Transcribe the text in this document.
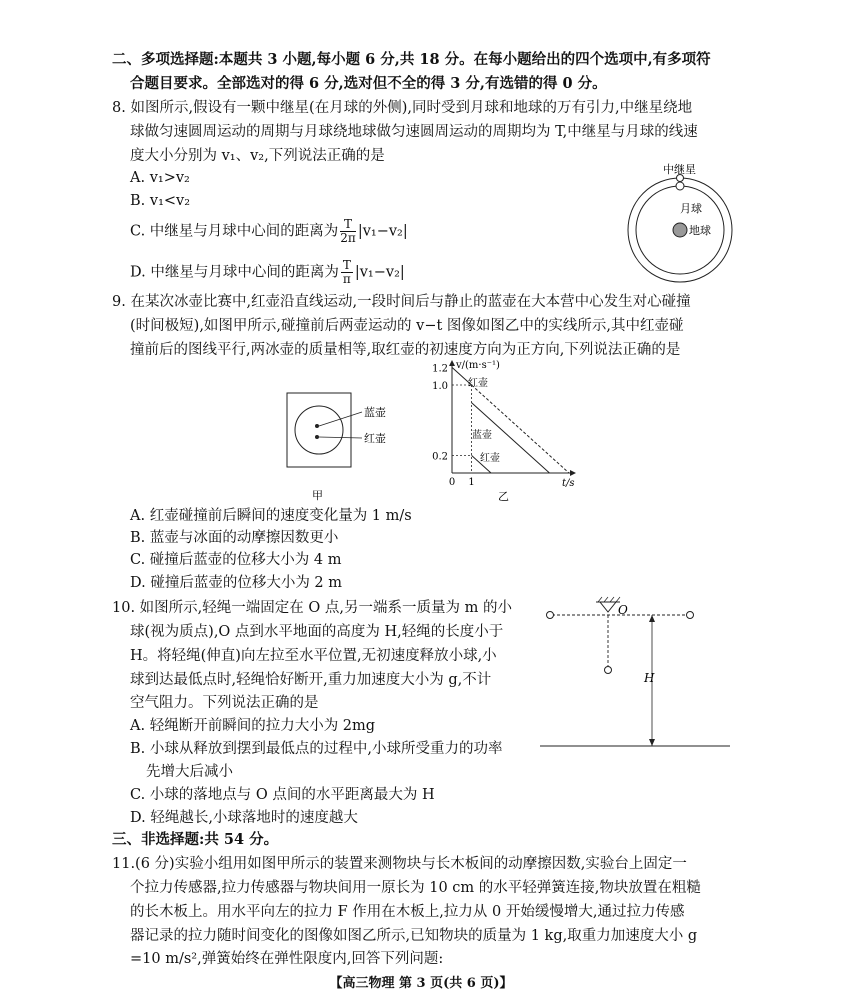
二、多项选择题:本题共 3 小题,每小题 6 分,共 18 分。在每小题给出的四个选项中,有多项符
合题目要求。全部选对的得 6 分,选对但不全的得 3 分,有选错的得 0 分。
8. 如图所示,假设有一颗中继星(在月球的外侧),同时受到月球和地球的万有引力,中继星绕地
球做匀速圆周运动的周期与月球绕地球做匀速圆周运动的周期均为 T,中继星与月球的线速
度大小分别为 v₁、v₂,下列说法正确的是
A. v₁>v₂
B. v₁<v₂
C. 中继星与月球中心间的距离为 $\frac{T}{2\pi} |v_1-v_2|$
D. 中继星与月球中心间的距离为 $\frac{T}{\pi} |v_1-v_2|$
中继星
月球
地球
9. 在某次冰壶比赛中,红壶沿直线运动,一段时间后与静止的蓝壶在大本营中心发生对心碰撞
(时间极短),如图甲所示,碰撞前后两壶运动的 v−t 图像如图乙中的实线所示,其中红壶碰
撞前后的图线平行,两冰壶的质量相等,取红壶的初速度方向为正方向,下列说法正确的是
蓝壶
红壶
甲
v/(m·s⁻¹)
t/s
1.2
1.0
0.2
0 1
乙
红壶
蓝壶
红壶
A. 红壶碰撞前后瞬间的速度变化量为 1 m/s
B. 蓝壶与冰面的动摩擦因数更小
C. 碰撞后蓝壶的位移大小为 4 m
D. 碰撞后蓝壶的位移大小为 2 m
10. 如图所示,轻绳一端固定在 O 点,另一端系一质量为 m 的小
球(视为质点),O 点到水平地面的高度为 H,轻绳的长度小于
H。将轻绳(伸直)向左拉至水平位置,无初速度释放小球,小
球到达最低点时,轻绳恰好断开,重力加速度大小为 g,不计
空气阻力。下列说法正确的是
A. 轻绳断开前瞬间的拉力大小为 2mg
B. 小球从释放到摆到最低点的过程中,小球所受重力的功率
先增大后减小
C. 小球的落地点与 O 点间的水平距离最大为 H
D. 轻绳越长,小球落地时的速度越大
O
H
三、非选择题:共 54 分。
11.(6 分)实验小组用如图甲所示的装置来测物块与长木板间的动摩擦因数,实验台上固定一
个拉力传感器,拉力传感器与物块间用一原长为 10 cm 的水平轻弹簧连接,物块放置在粗糙
的长木板上。用水平向左的拉力 F 作用在木板上,拉力从 0 开始缓慢增大,通过拉力传感
器记录的拉力随时间变化的图像如图乙所示,已知物块的质量为 1 kg,取重力加速度大小 g
=10 m/s²,弹簧始终在弹性限度内,回答下列问题:
【高三物理 第 3 页(共 6 页)】
